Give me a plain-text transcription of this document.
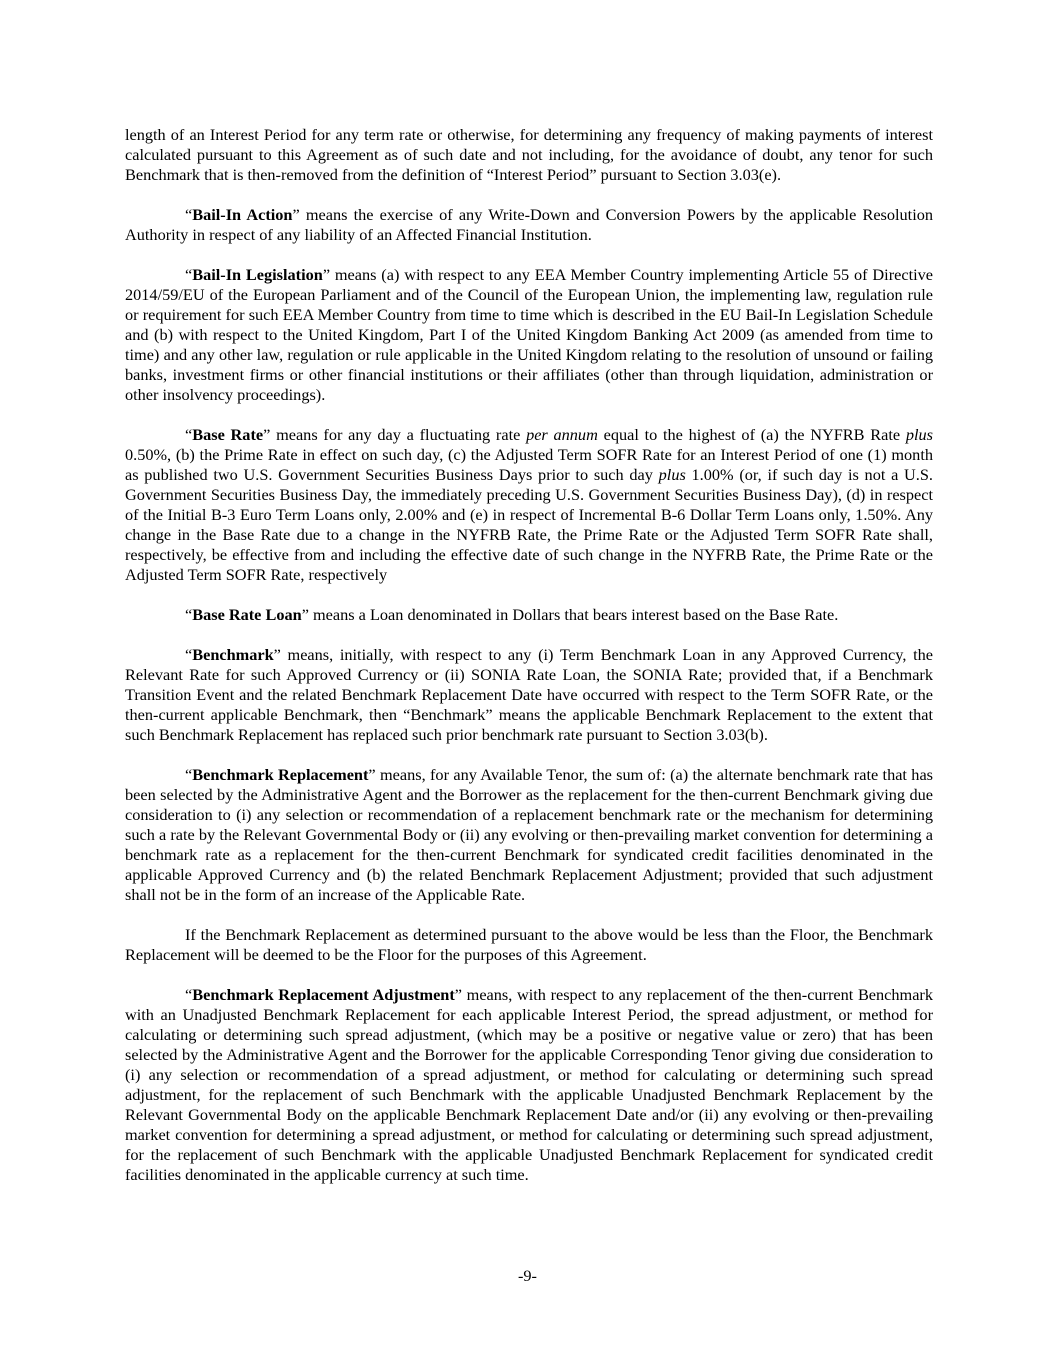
length of an Interest Period for any term rate or otherwise, for determining any frequency of making payments of interest calculated pursuant to this Agreement as of such date and not including, for the avoidance of doubt, any tenor for such Benchmark that is then-removed from the definition of “Interest Period” pursuant to Section 3.03(e).

“Bail-In Action” means the exercise of any Write-Down and Conversion Powers by the applicable Resolution Authority in respect of any liability of an Affected Financial Institution.

“Bail-In Legislation” means (a) with respect to any EEA Member Country implementing Article 55 of Directive 2014/59/EU of the European Parliament and of the Council of the European Union, the implementing law, regulation rule or requirement for such EEA Member Country from time to time which is described in the EU Bail-In Legislation Schedule and (b) with respect to the United Kingdom, Part I of the United Kingdom Banking Act 2009 (as amended from time to time) and any other law, regulation or rule applicable in the United Kingdom relating to the resolution of unsound or failing banks, investment firms or other financial institutions or their affiliates (other than through liquidation, administration or other insolvency proceedings).

“Base Rate” means for any day a fluctuating rate per annum equal to the highest of (a) the NYFRB Rate plus 0.50%, (b) the Prime Rate in effect on such day, (c) the Adjusted Term SOFR Rate for an Interest Period of one (1) month as published two U.S. Government Securities Business Days prior to such day plus 1.00% (or, if such day is not a U.S. Government Securities Business Day, the immediately preceding U.S. Government Securities Business Day), (d) in respect of the Initial B-3 Euro Term Loans only, 2.00% and (e) in respect of Incremental B-6 Dollar Term Loans only, 1.50%. Any change in the Base Rate due to a change in the NYFRB Rate, the Prime Rate or the Adjusted Term SOFR Rate shall, respectively, be effective from and including the effective date of such change in the NYFRB Rate, the Prime Rate or the Adjusted Term SOFR Rate, respectively

“Base Rate Loan” means a Loan denominated in Dollars that bears interest based on the Base Rate.

“Benchmark” means, initially, with respect to any (i) Term Benchmark Loan in any Approved Currency, the Relevant Rate for such Approved Currency or (ii) SONIA Rate Loan, the SONIA Rate; provided that, if a Benchmark Transition Event and the related Benchmark Replacement Date have occurred with respect to the Term SOFR Rate, or the then-current applicable Benchmark, then “Benchmark” means the applicable Benchmark Replacement to the extent that such Benchmark Replacement has replaced such prior benchmark rate pursuant to Section 3.03(b).

“Benchmark Replacement” means, for any Available Tenor, the sum of: (a) the alternate benchmark rate that has been selected by the Administrative Agent and the Borrower as the replacement for the then-current Benchmark giving due consideration to (i) any selection or recommendation of a replacement benchmark rate or the mechanism for determining such a rate by the Relevant Governmental Body or (ii) any evolving or then-prevailing market convention for determining a benchmark rate as a replacement for the then-current Benchmark for syndicated credit facilities denominated in the applicable Approved Currency and (b) the related Benchmark Replacement Adjustment; provided that such adjustment shall not be in the form of an increase of the Applicable Rate.

If the Benchmark Replacement as determined pursuant to the above would be less than the Floor, the Benchmark Replacement will be deemed to be the Floor for the purposes of this Agreement.

“Benchmark Replacement Adjustment” means, with respect to any replacement of the then-current Benchmark with an Unadjusted Benchmark Replacement for each applicable Interest Period, the spread adjustment, or method for calculating or determining such spread adjustment, (which may be a positive or negative value or zero) that has been selected by the Administrative Agent and the Borrower for the applicable Corresponding Tenor giving due consideration to (i) any selection or recommendation of a spread adjustment, or method for calculating or determining such spread adjustment, for the replacement of such Benchmark with the applicable Unadjusted Benchmark Replacement by the Relevant Governmental Body on the applicable Benchmark Replacement Date and/or (ii) any evolving or then-prevailing market convention for determining a spread adjustment, or method for calculating or determining such spread adjustment, for the replacement of such Benchmark with the applicable Unadjusted Benchmark Replacement for syndicated credit facilities denominated in the applicable currency at such time.

-9-
